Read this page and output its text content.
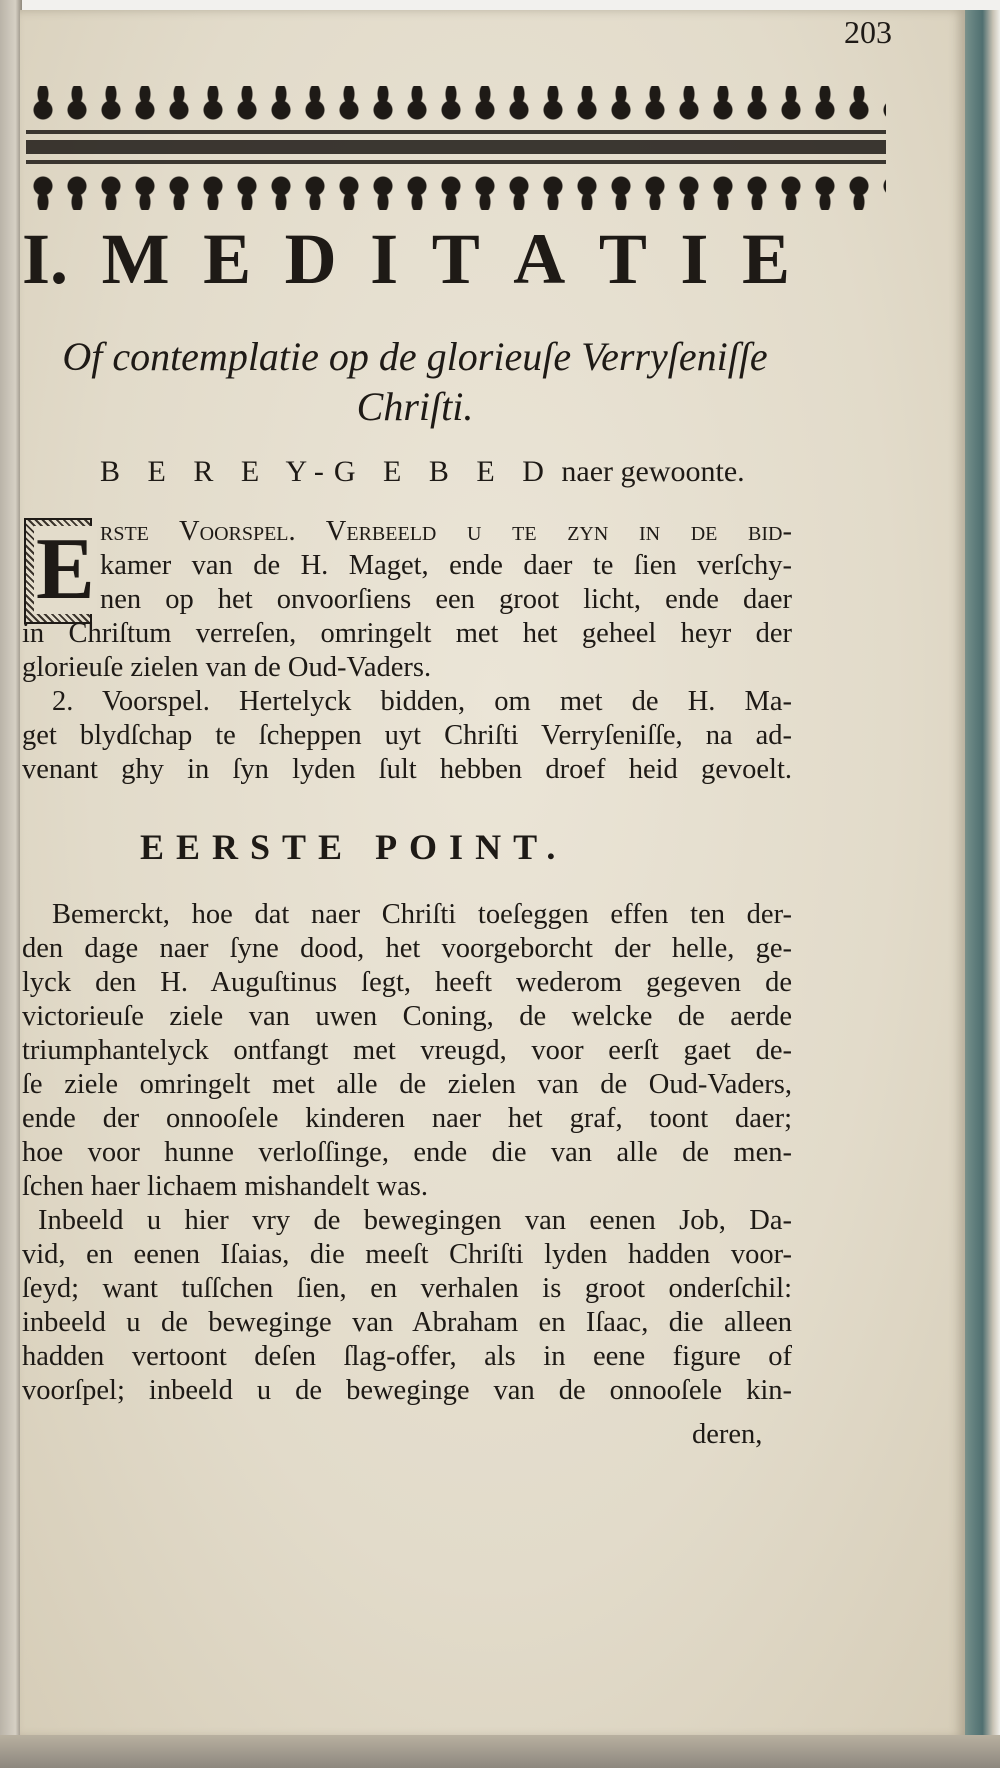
203
I. M E D I T A T I E
Of contemplatie op de glorieuſe Verryſeniſſe
Chriſti.
B E R E Y-G E B E D naer gewoonte.
E rste Voorspel. Verbeeld u te zyn in de bid-
kamer van de H. Maget, ende daer te ſien verſchy-
nen op het onvoorſiens een groot licht, ende daer
in Chriſtum verreſen, omringelt met het geheel heyr der
glorieuſe zielen van de Oud-Vaders.
2. Voorspel. Hertelyck bidden, om met de H. Ma-
get blydſchap te ſcheppen uyt Chriſti Verryſeniſſe, na ad-
venant ghy in ſyn lyden ſult hebben droef heid gevoelt.
EERSTE POINT.
Bemerckt, hoe dat naer Chriſti toeſeggen effen ten der-
den dage naer ſyne dood, het voorgeborcht der helle, ge-
lyck den H. Auguſtinus ſegt, heeft wederom gegeven de
victorieuſe ziele van uwen Coning, de welcke de aerde
triumphantelyck ontfangt met vreugd, voor eerſt gaet de-
ſe ziele omringelt met alle de zielen van de Oud-Vaders,
ende der onnooſele kinderen naer het graf, toont daer;
hoe voor hunne verloſſinge, ende die van alle de men-
ſchen haer lichaem mishandelt was.
Inbeeld u hier vry de bewegingen van eenen Job, Da-
vid, en eenen Iſaias, die meeſt Chriſti lyden hadden voor-
ſeyd; want tuſſchen ſien, en verhalen is groot onderſchil:
inbeeld u de beweginge van Abraham en Iſaac, die alleen
hadden vertoont deſen ſlag-offer, als in eene figure of
voorſpel; inbeeld u de beweginge van de onnooſele kin-
deren,
